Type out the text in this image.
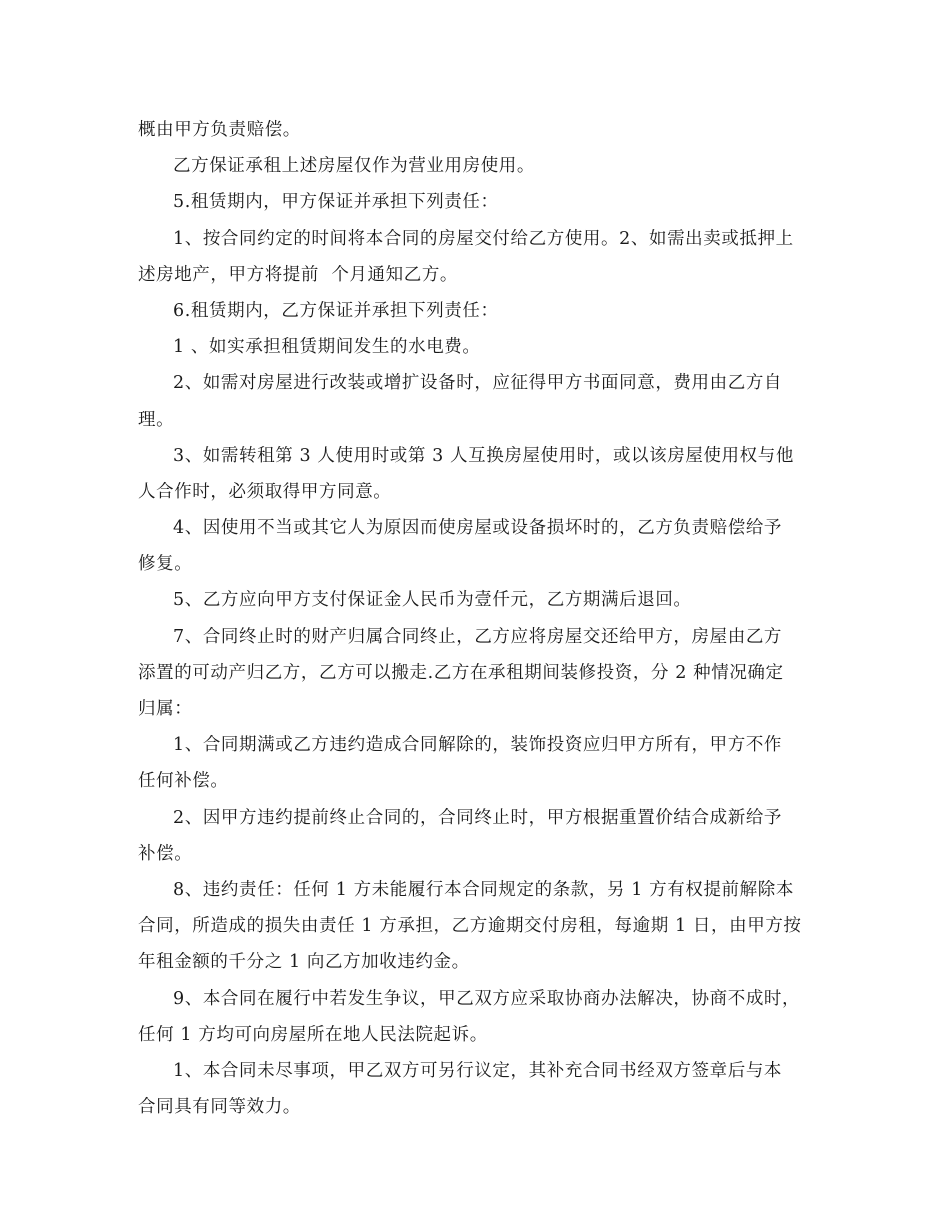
概由甲方负责赔偿。
乙方保证承租上述房屋仅作为营业用房使用。
5.租赁期内，甲方保证并承担下列责任：
1、按合同约定的时间将本合同的房屋交付给乙方使用。2、如需出卖或抵押上
述房地产，甲方将提前  个月通知乙方。
6.租赁期内，乙方保证并承担下列责任：
1 、如实承担租赁期间发生的水电费。
2、如需对房屋进行改装或增扩设备时，应征得甲方书面同意，费用由乙方自
理。
3、如需转租第 3 人使用时或第 3 人互换房屋使用时，或以该房屋使用权与他
人合作时，必须取得甲方同意。
4、因使用不当或其它人为原因而使房屋或设备损坏时的，乙方负责赔偿给予
修复。
5、乙方应向甲方支付保证金人民币为壹仟元，乙方期满后退回。
7、合同终止时的财产归属合同终止，乙方应将房屋交还给甲方，房屋由乙方
添置的可动产归乙方，乙方可以搬走.乙方在承租期间装修投资，分 2 种情况确定
归属：
1、合同期满或乙方违约造成合同解除的，装饰投资应归甲方所有，甲方不作
任何补偿。
2、因甲方违约提前终止合同的，合同终止时，甲方根据重置价结合成新给予
补偿。
8、违约责任：任何 1 方未能履行本合同规定的条款，另 1 方有权提前解除本
合同，所造成的损失由责任 1 方承担，乙方逾期交付房租，每逾期 1 日，由甲方按
年租金额的千分之 1 向乙方加收违约金。
9、本合同在履行中若发生争议，甲乙双方应采取协商办法解决，协商不成时，
任何 1 方均可向房屋所在地人民法院起诉。
1、本合同未尽事项，甲乙双方可另行议定，其补充合同书经双方签章后与本
合同具有同等效力。
